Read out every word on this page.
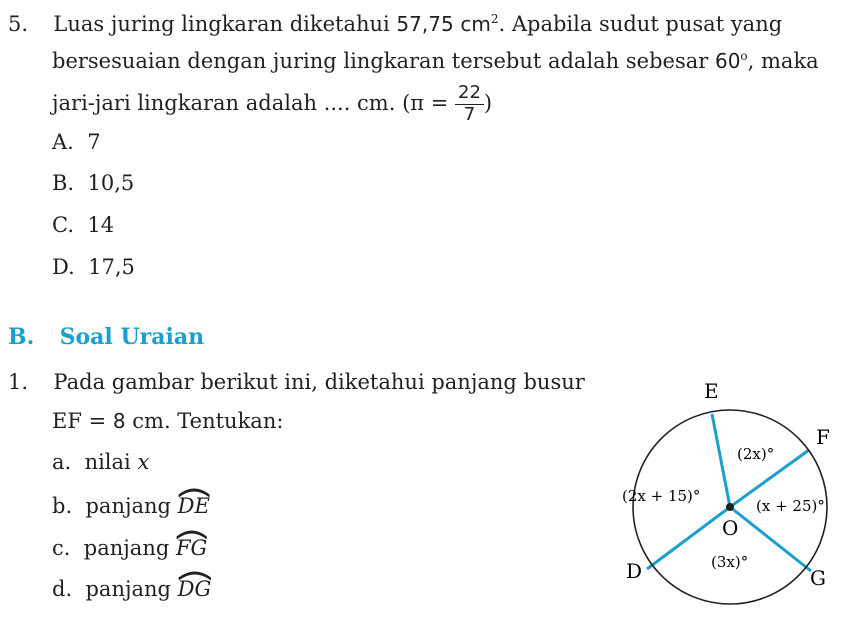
5. Luas juring lingkaran diketahui 57,75 $cm^2$. Apabila sudut pusat yang
bersesuaian dengan juring lingkaran tersebut adalah sebesar 60$^o$, maka
jari-jari lingkaran adalah .... cm. ($\pi = \frac{22}{7}$ )
A. 7
B. 10,5
C. 14
D. 17,5
B. Soal Uraian
1. Pada gambar berikut ini, diketahui panjang busur
EF = 8 cm. Tentukan:
a. nilai x
b. panjang
DE
c. panjang
FG
d. panjang
DG
E
F
D	G
O
(2x)°
(2x + 15)°
(x + 25)°
(3x)°
